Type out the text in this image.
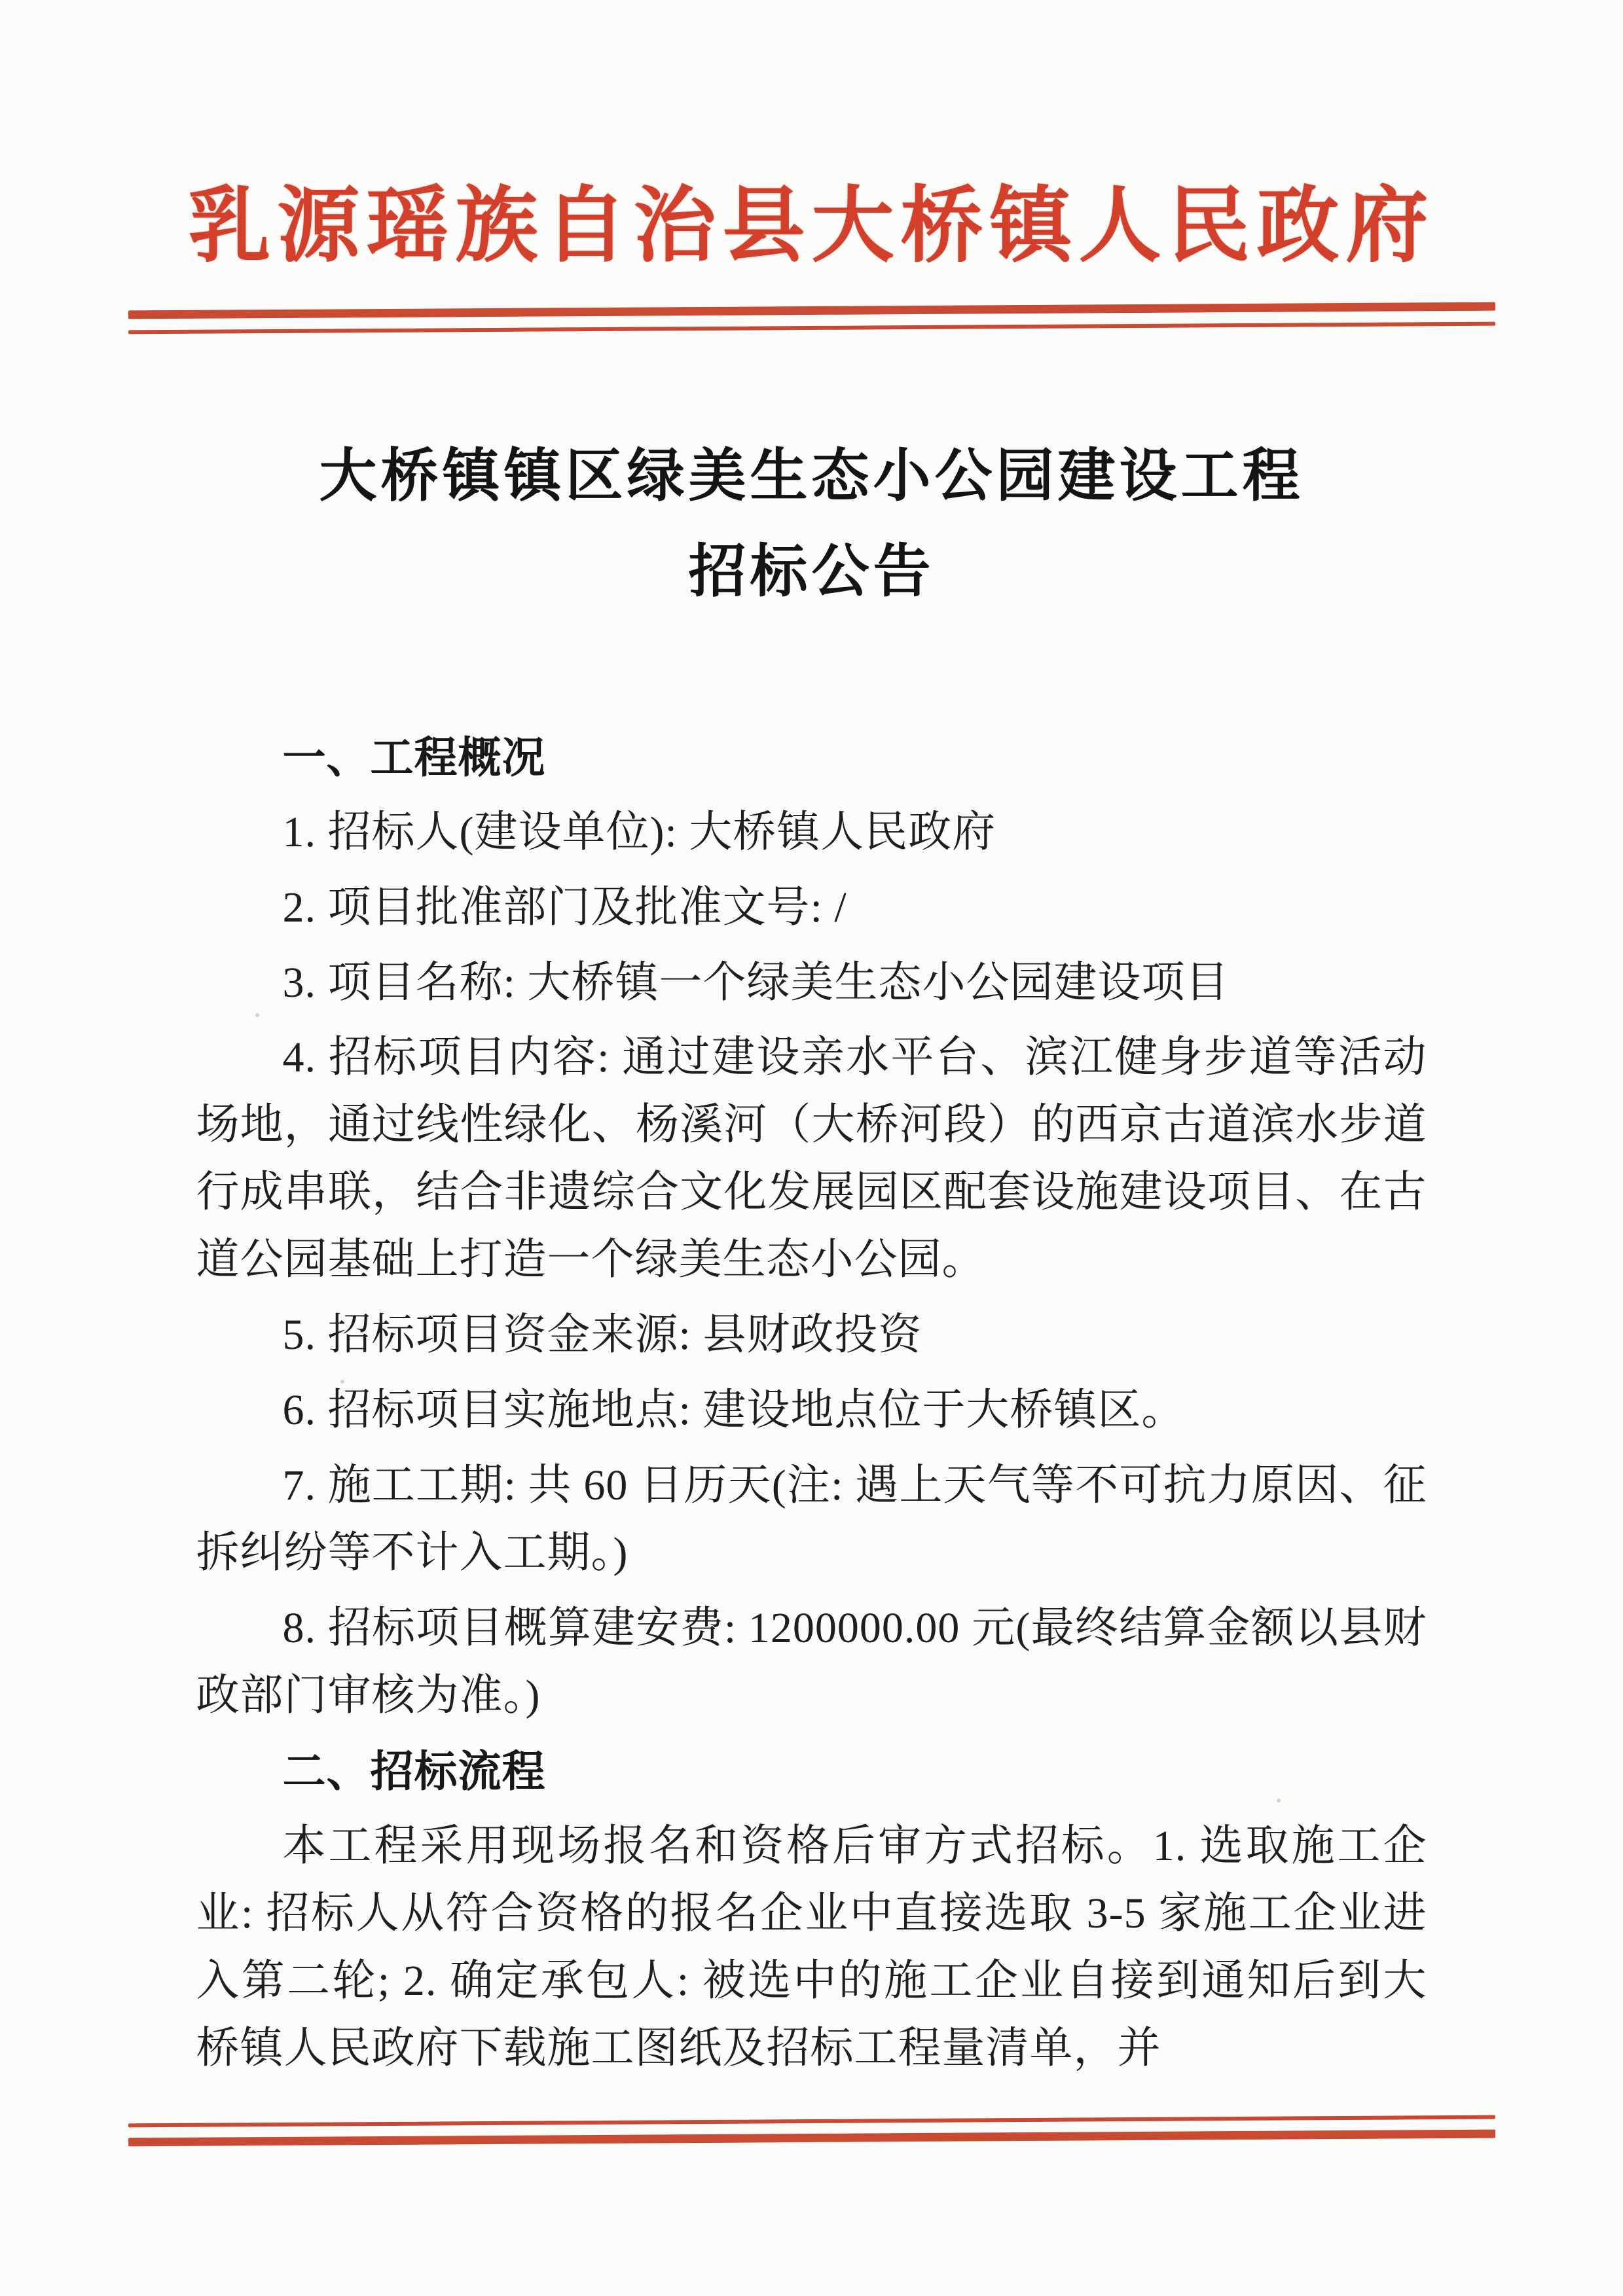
乳源瑶族自治县大桥镇人民政府
大桥镇镇区绿美生态小公园建设工程
招标公告
一、工程概况

1. 招标人(建设单位): 大桥镇人民政府

2. 项目批准部门及批准文号: /

3. 项目名称: 大桥镇一个绿美生态小公园建设项目

4. 招标项目内容: 通过建设亲水平台、滨江健身步道等活动场地，通过线性绿化、杨溪河（大桥河段）的西京古道滨水步道行成串联，结合非遗综合文化发展园区配套设施建设项目、在古道公园基础上打造一个绿美生态小公园。

5. 招标项目资金来源: 县财政投资

6. 招标项目实施地点: 建设地点位于大桥镇区。

7. 施工工期: 共 60 日历天(注: 遇上天气等不可抗力原因、征拆纠纷等不计入工期。)

8. 招标项目概算建安费: 1200000.00 元(最终结算金额以县财政部门审核为准。)

二、招标流程

本工程采用现场报名和资格后审方式招标。1. 选取施工企业: 招标人从符合资格的报名企业中直接选取 3-5 家施工企业进入第二轮; 2. 确定承包人: 被选中的施工企业自接到通知后到大桥镇人民政府下载施工图纸及招标工程量清单，并
